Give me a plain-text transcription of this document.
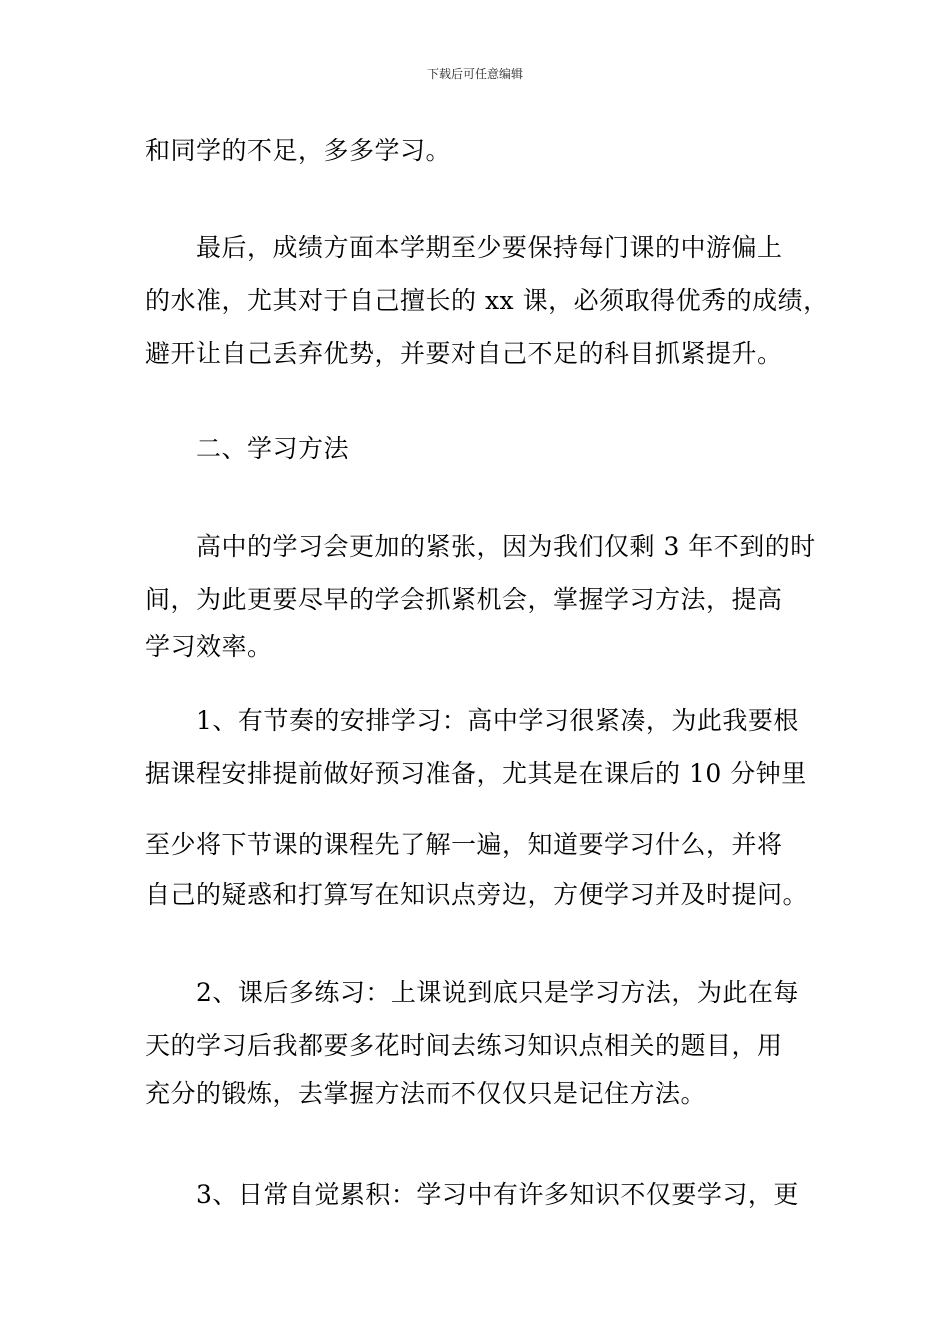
下载后可任意编辑
和同学的不足，多多学习。
最后，成绩方面本学期至少要保持每门课的中游偏上
的水准，尤其对于自己擅长的 xx 课，必须取得优秀的成绩，
避开让自己丢弃优势，并要对自己不足的科目抓紧提升。
二、学习方法
高中的学习会更加的紧张，因为我们仅剩 3 年不到的时
间，为此更要尽早的学会抓紧机会，掌握学习方法，提高
学习效率。
1、有节奏的安排学习：高中学习很紧凑，为此我要根
据课程安排提前做好预习准备，尤其是在课后的 10 分钟里
至少将下节课的课程先了解一遍，知道要学习什么，并将
自己的疑惑和打算写在知识点旁边，方便学习并及时提问。
2、课后多练习：上课说到底只是学习方法，为此在每
天的学习后我都要多花时间去练习知识点相关的题目，用
充分的锻炼，去掌握方法而不仅仅只是记住方法。
3、日常自觉累积：学习中有许多知识不仅要学习，更
